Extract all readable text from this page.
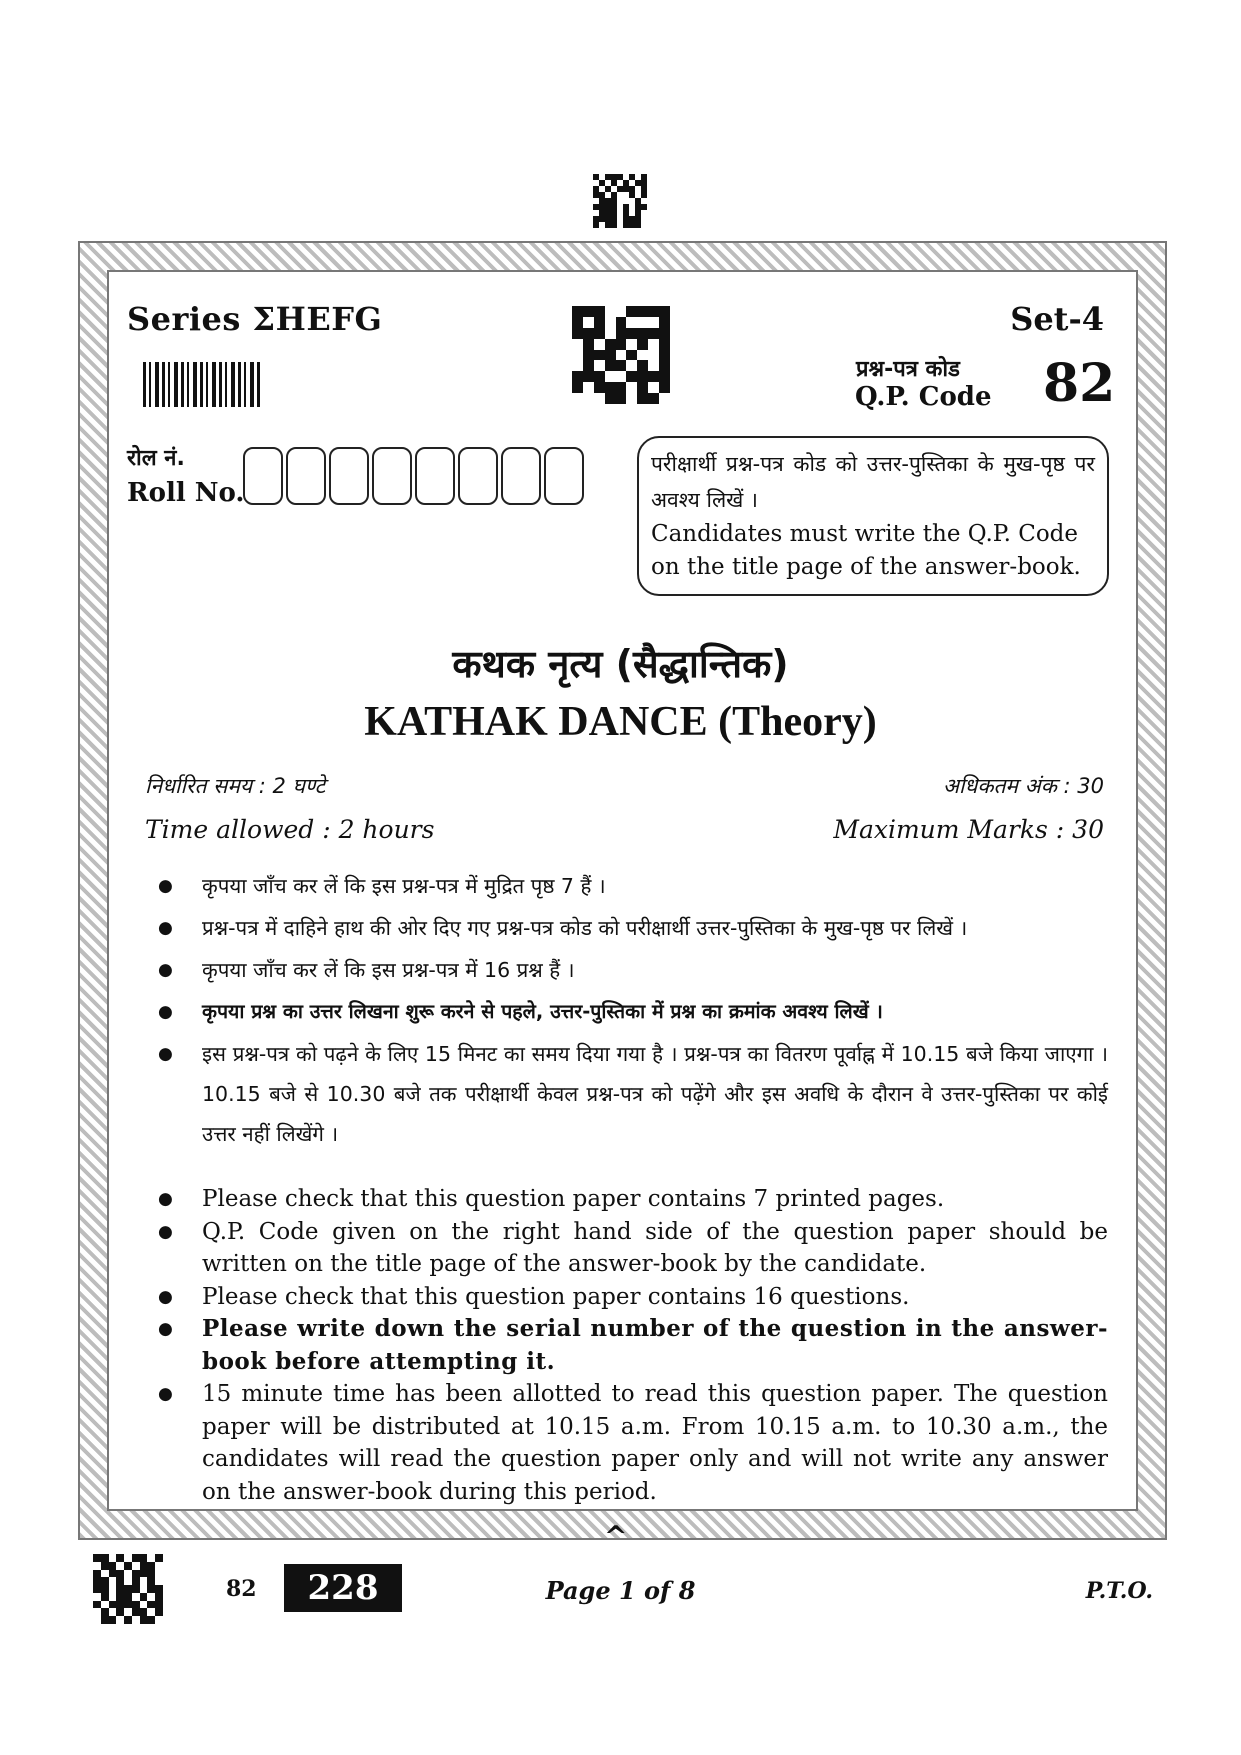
Series ΣHEFG	Set-4
प्रश्न-पत्र कोड
Q.P. Code 82
रोल नं.
Roll No.
परीक्षार्थी प्रश्न-पत्र कोड को उत्तर-पुस्तिका के मुख-पृष्ठ पर अवश्य लिखें ।
Candidates must write the Q.P. Code on the title page of the answer-book.
कथक नृत्य (सैद्धान्तिक)
KATHAK DANCE (Theory)
निर्धारित समय : 2 घण्टे
Time allowed : 2 hours
अधिकतम अंक : 30
Maximum Marks : 30
● कृपया जाँच कर लें कि इस प्रश्न-पत्र में मुद्रित पृष्ठ 7 हैं ।
● प्रश्न-पत्र में दाहिने हाथ की ओर दिए गए प्रश्न-पत्र कोड को परीक्षार्थी उत्तर-पुस्तिका के मुख-पृष्ठ पर लिखें ।
● कृपया जाँच कर लें कि इस प्रश्न-पत्र में 16 प्रश्न हैं ।
● कृपया प्रश्न का उत्तर लिखना शुरू करने से पहले, उत्तर-पुस्तिका में प्रश्न का क्रमांक अवश्य लिखें ।
● इस प्रश्न-पत्र को पढ़ने के लिए 15 मिनट का समय दिया गया है । प्रश्न-पत्र का वितरण पूर्वाह्न में 10.15 बजे किया जाएगा । 10.15 बजे से 10.30 बजे तक परीक्षार्थी केवल प्रश्न-पत्र को पढ़ेंगे और इस अवधि के दौरान वे उत्तर-पुस्तिका पर कोई उत्तर नहीं लिखेंगे ।
● Please check that this question paper contains 7 printed pages.
● Q.P. Code given on the right hand side of the question paper should be written on the title page of the answer-book by the candidate.
● Please check that this question paper contains 16 questions.
● Please write down the serial number of the question in the answer-book before attempting it.
● 15 minute time has been allotted to read this question paper. The question paper will be distributed at 10.15 a.m. From 10.15 a.m. to 10.30 a.m., the candidates will read the question paper only and will not write any answer on the answer-book during this period.
^
82	228	Page 1 of 8	P.T.O.
